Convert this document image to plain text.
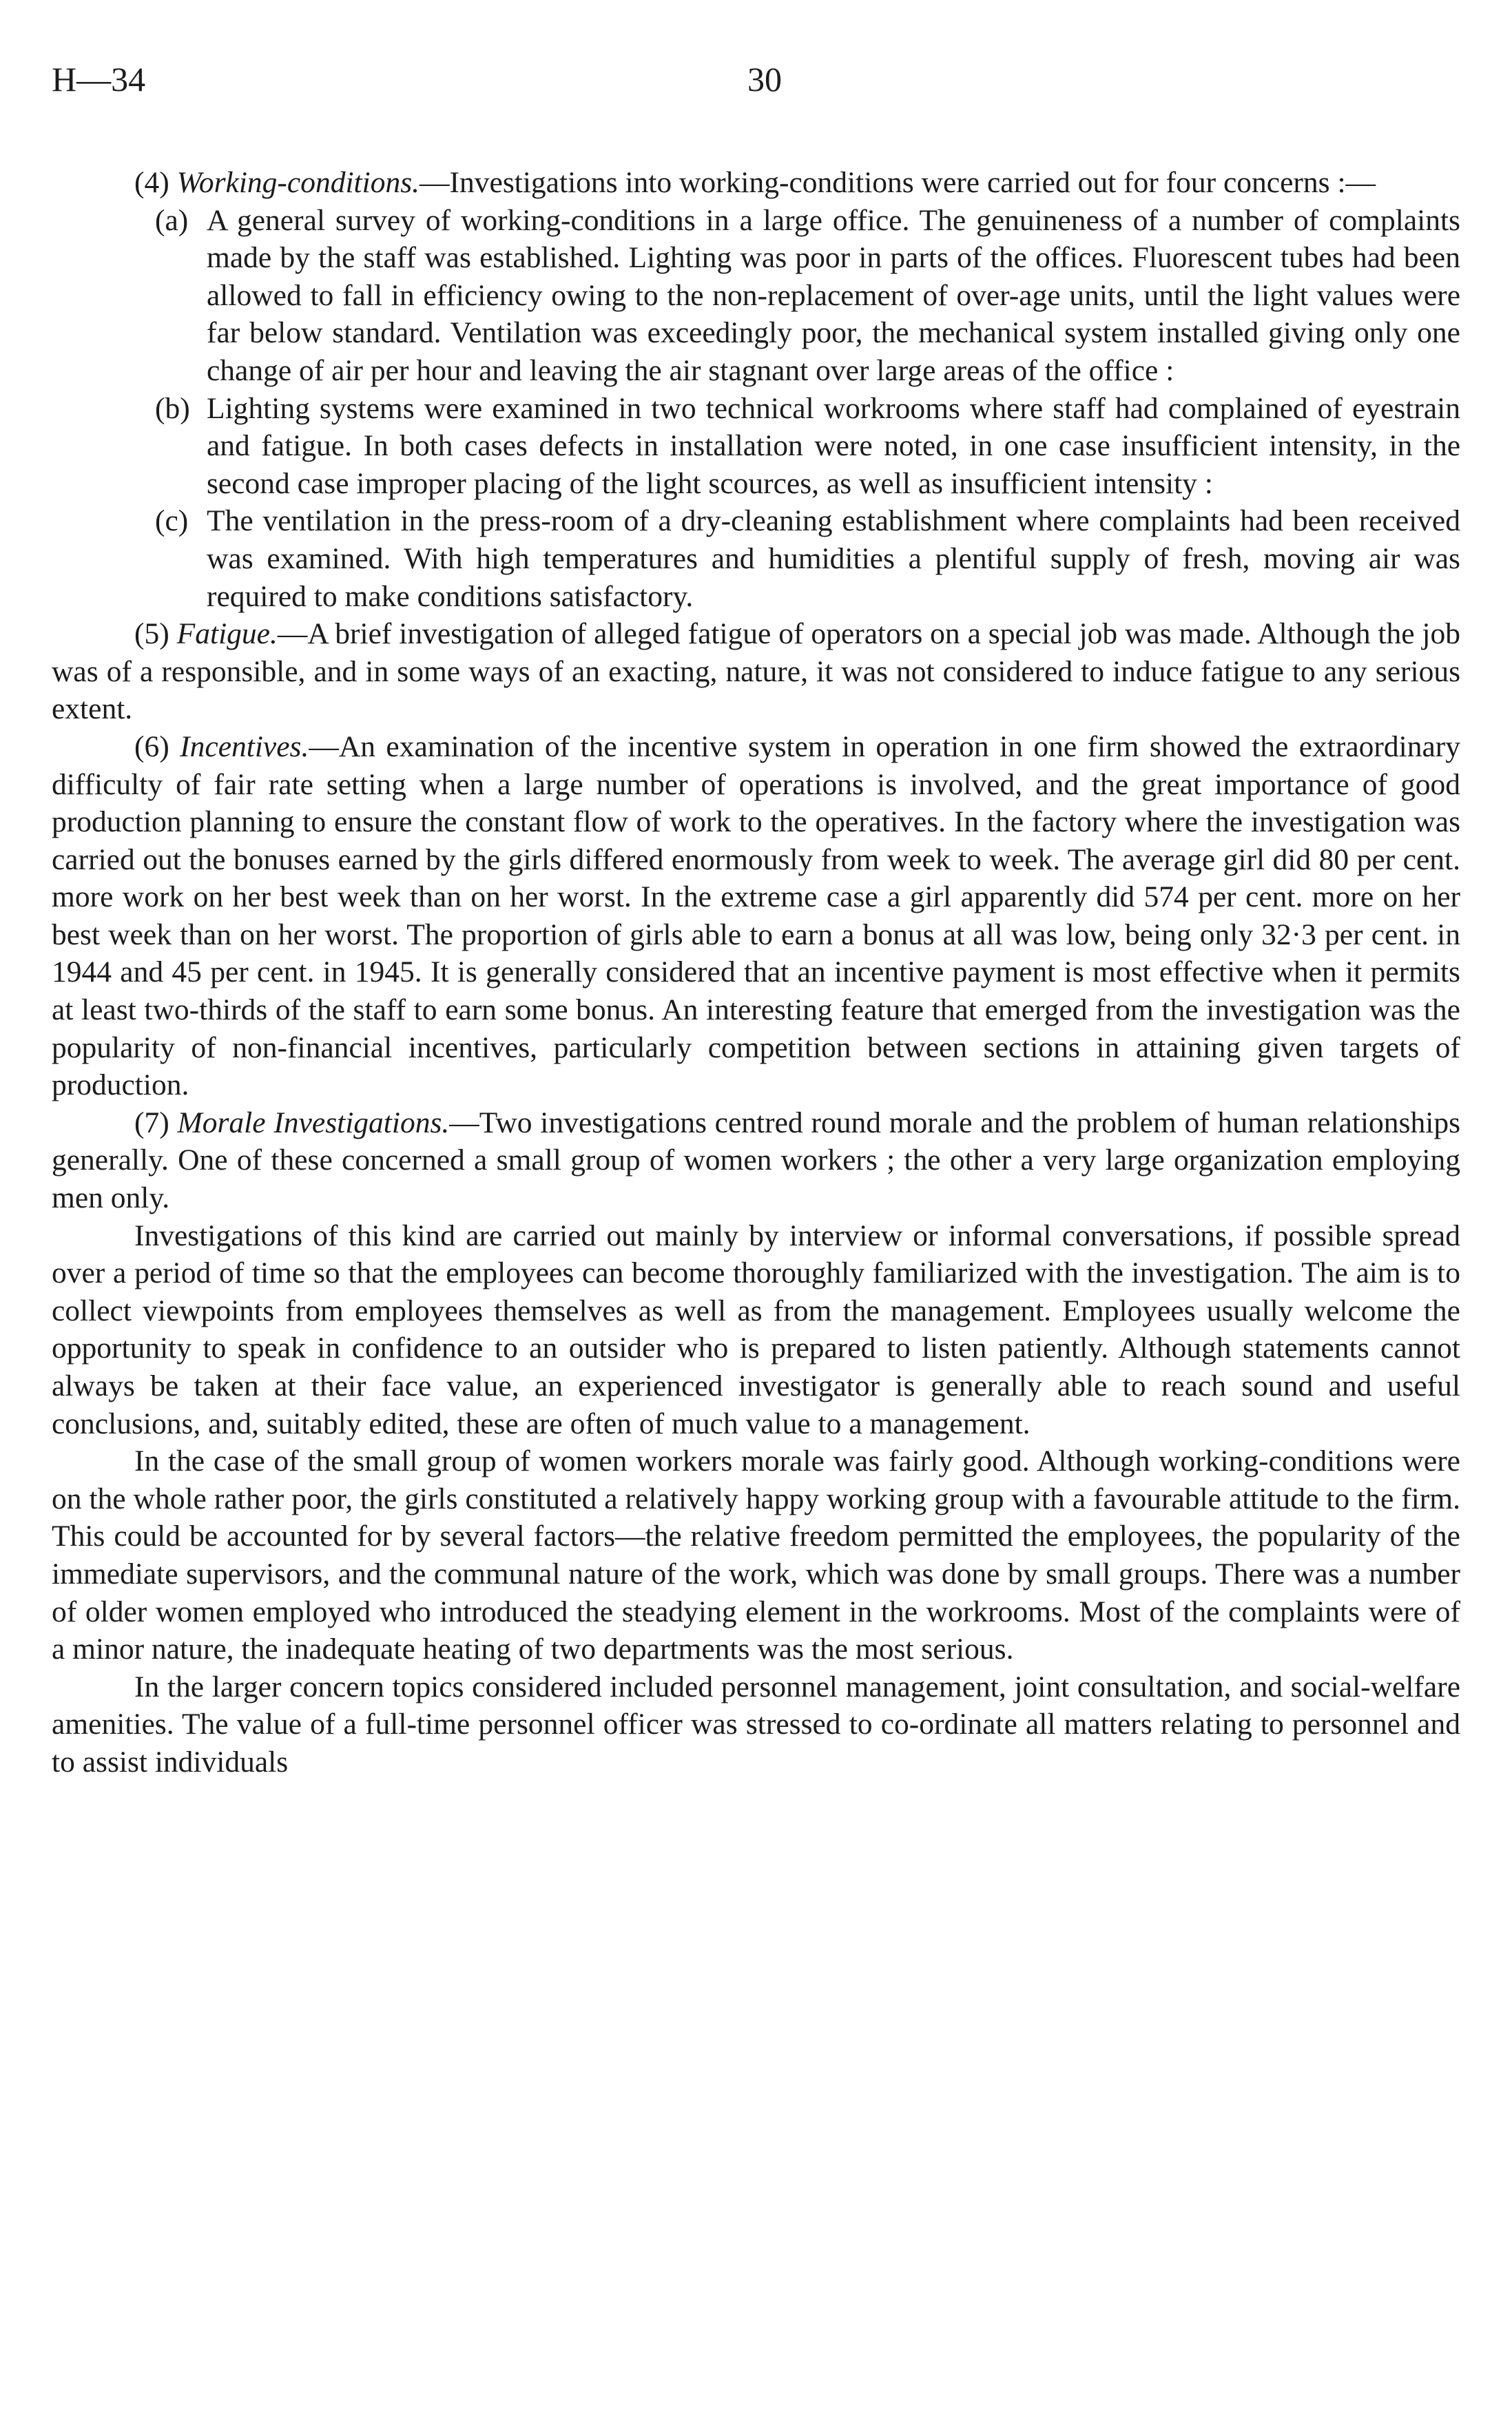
H—34	30

(4) Working-conditions.—Investigations into working-conditions were carried out for four concerns :—

(a) A general survey of working-conditions in a large office. The genuineness of a number of complaints made by the staff was established. Lighting was poor in parts of the offices. Fluorescent tubes had been allowed to fall in efficiency owing to the non-replacement of over-age units, until the light values were far below standard. Ventilation was exceedingly poor, the mechanical system installed giving only one change of air per hour and leaving the air stagnant over large areas of the office :
(b) Lighting systems were examined in two technical workrooms where staff had complained of eyestrain and fatigue. In both cases defects in installation were noted, in one case insufficient intensity, in the second case improper placing of the light scources, as well as insufficient intensity :
(c) The ventilation in the press-room of a dry-cleaning establishment where complaints had been received was examined. With high temperatures and humidities a plentiful supply of fresh, moving air was required to make conditions satisfactory.

(5) Fatigue.—A brief investigation of alleged fatigue of operators on a special job was made. Although the job was of a responsible, and in some ways of an exacting, nature, it was not considered to induce fatigue to any serious extent.

(6) Incentives.—An examination of the incentive system in operation in one firm showed the extraordinary difficulty of fair rate setting when a large number of operations is involved, and the great importance of good production planning to ensure the constant flow of work to the operatives. In the factory where the investigation was carried out the bonuses earned by the girls differed enormously from week to week. The average girl did 80 per cent. more work on her best week than on her worst. In the extreme case a girl apparently did 574 per cent. more on her best week than on her worst. The proportion of girls able to earn a bonus at all was low, being only 32·3 per cent. in 1944 and 45 per cent. in 1945. It is generally considered that an incentive payment is most effective when it permits at least two-thirds of the staff to earn some bonus. An interesting feature that emerged from the investigation was the popularity of non-financial incentives, particularly competition between sections in attaining given targets of production.

(7) Morale Investigations.—Two investigations centred round morale and the problem of human relationships generally. One of these concerned a small group of women workers ; the other a very large organization employing men only.

Investigations of this kind are carried out mainly by interview or informal conversations, if possible spread over a period of time so that the employees can become thoroughly familiarized with the investigation. The aim is to collect viewpoints from employees themselves as well as from the management. Employees usually welcome the opportunity to speak in confidence to an outsider who is prepared to listen patiently. Although statements cannot always be taken at their face value, an experienced investigator is generally able to reach sound and useful conclusions, and, suitably edited, these are often of much value to a management.

In the case of the small group of women workers morale was fairly good. Although working-conditions were on the whole rather poor, the girls constituted a relatively happy working group with a favourable attitude to the firm. This could be accounted for by several factors—the relative freedom permitted the employees, the popularity of the immediate supervisors, and the communal nature of the work, which was done by small groups. There was a number of older women employed who introduced the steadying element in the workrooms. Most of the complaints were of a minor nature, the inadequate heating of two departments was the most serious.

In the larger concern topics considered included personnel management, joint consultation, and social-welfare amenities. The value of a full-time personnel officer was stressed to co-ordinate all matters relating to personnel and to assist individuals
